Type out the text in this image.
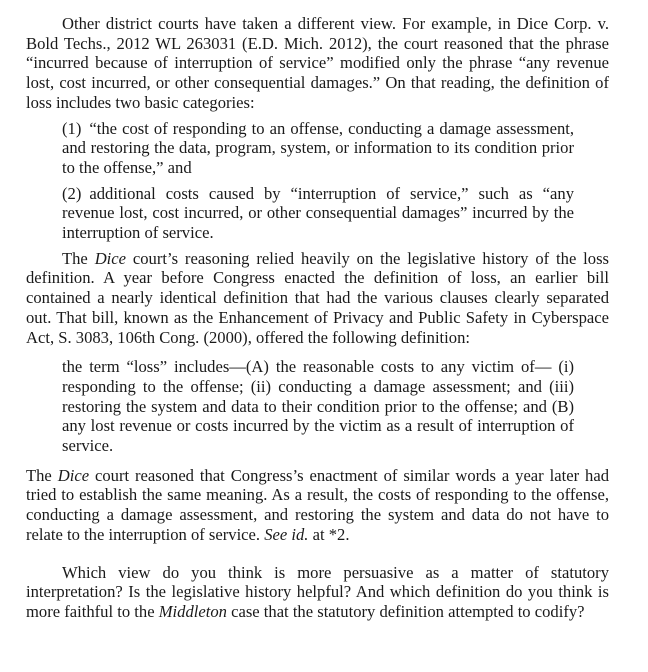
Other district courts have taken a different view. For example, in Dice Corp. v. Bold Techs., 2012 WL 263031 (E.D. Mich. 2012), the court reasoned that the phrase “incurred because of interruption of service” modified only the phrase “any revenue lost, cost incurred, or other consequential damages.” On that reading, the definition of loss includes two basic categories:

(1) “the cost of responding to an offense, conducting a damage assessment, and restoring the data, program, system, or information to its condition prior to the offense,” and

(2) additional costs caused by “interruption of service,” such as “any revenue lost, cost incurred, or other consequential damages” incurred by the interruption of service.

The Dice court’s reasoning relied heavily on the legislative history of the loss definition. A year before Congress enacted the definition of loss, an earlier bill contained a nearly identical definition that had the various clauses clearly separated out. That bill, known as the Enhancement of Privacy and Public Safety in Cyberspace Act, S. 3083, 106th Cong. (2000), offered the following definition:

the term “loss” includes—(A) the reasonable costs to any victim of— (i) responding to the offense; (ii) conducting a damage assessment; and (iii) restoring the system and data to their condition prior to the offense; and (B) any lost revenue or costs incurred by the victim as a result of interruption of service.

The Dice court reasoned that Congress’s enactment of similar words a year later had tried to establish the same meaning. As a result, the costs of responding to the offense, conducting a damage assessment, and restoring the system and data do not have to relate to the interruption of service. See id. at *2.

Which view do you think is more persuasive as a matter of statutory interpretation? Is the legislative history helpful? And which definition do you think is more faithful to the Middleton case that the statutory definition attempted to codify?
